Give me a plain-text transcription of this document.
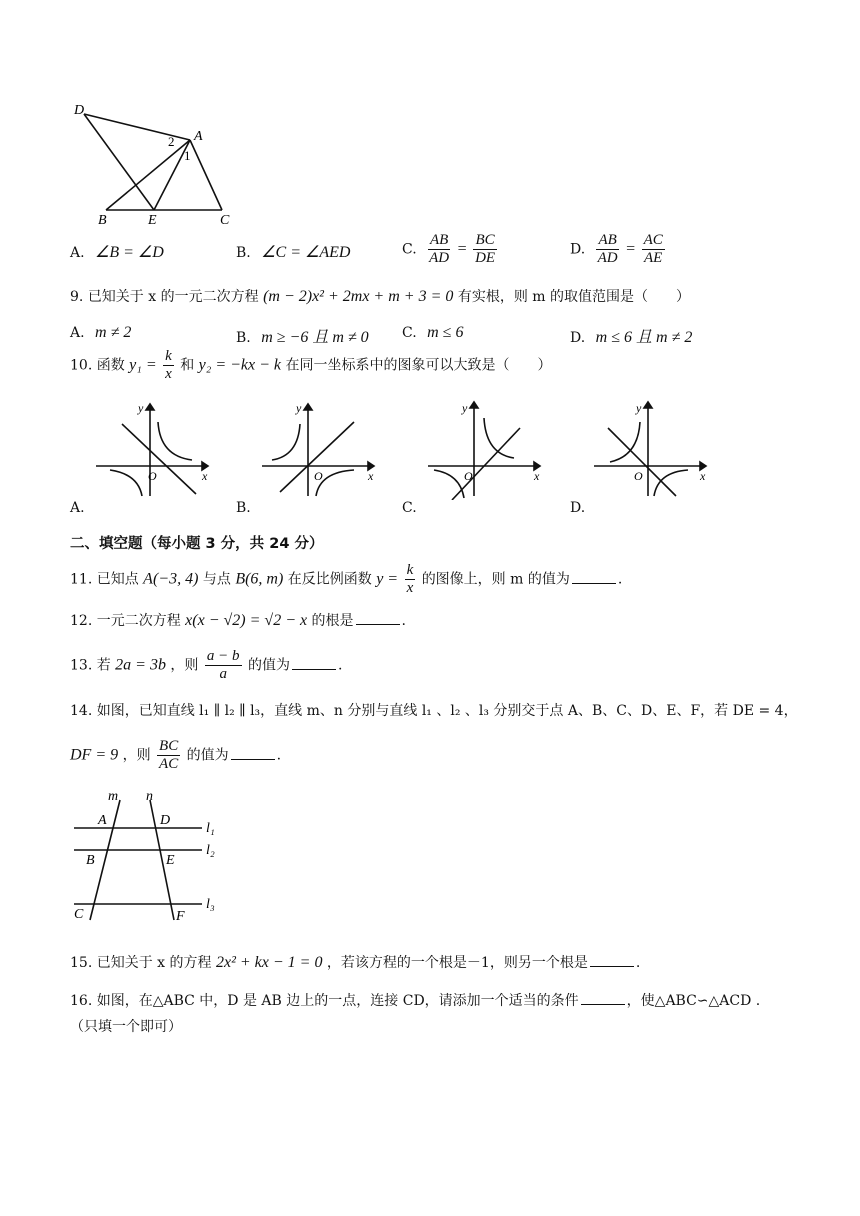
D
A
2
1
B	E	C
A. ∠B = ∠D	B. ∠C = ∠AED	C. $\frac{AB}{AD} = \frac{BC}{DE}$	D. $\frac{AB}{AD} = \frac{AC}{AE}$
9. 已知关于 x 的一元二次方程 (m − 2)x² + 2mx + m + 3 = 0 有实根，则 m 的取值范围是（　　）
A. m ≠ 2	B. m ≥ −6 且 m ≠ 0 C. m ≤ 6	D. m ≤ 6 且 m ≠ 2
10. 函数 $y_1 = \frac{k}{x}$ 和 y₂ = −kx − k 在同一坐标系中的图象可以大致是（　　）
y
x
O
y
x
O
y
x
O
y
x
O
A.	B.	C.	D.
二、填空题（每小题 3 分，共 24 分）
11. 已知点 A(−3, 4) 与点 B(6, m) 在反比例函数 $y = \frac{k}{x}$ 的图像上，则 m 的值为	.
12. 一元二次方程 x(x − √2) = √2 − x 的根是	.
13. 若 2a = 3b ，则 $\frac{a - b}{a}$ 的值为	.
14. 如图，已知直线 l₁ ∥ l₂ ∥ l₃，直线 m、n 分别与直线 l₁ 、l₂ 、l₃ 分别交于点 A、B、C、D、E、F，若 DE = 4，
DF = 9 ，则 $\frac{BC}{AC}$ 的值为	.
m n
A	D
B	E
C	F
l₁
l₂
l₃
15. 已知关于 x 的方程 2x² + kx − 1 = 0 ，若该方程的一个根是－1，则另一个根是	.
16. 如图，在△ABC 中，D 是 AB 边上的一点，连接 CD，请添加一个适当的条件	，使△ABC∽△ACD .
（只填一个即可）
